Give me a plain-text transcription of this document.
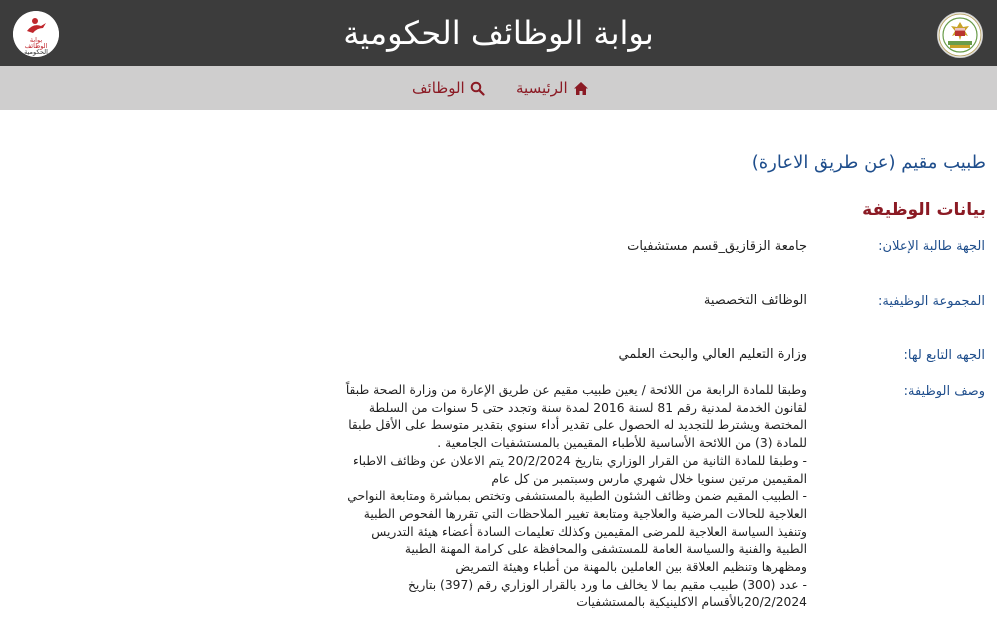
بوابة الوظائف الحكومية
بوابة
الوظائف
الحكومية
الرئيسية
الوظائف
طبيب مقيم (عن طريق الاعارة)
بيانات الوظيفة
الجهة طالبة الإعلان:
جامعة الزقازيق_قسم مستشفيات
المجموعة الوظيفية:
الوظائف التخصصية
الجهه التابع لها:
وزارة التعليم العالي والبحث العلمي
وصف الوظيفة:
وطبقا للمادة الرابعة من اللائحة / يعين طبيب مقيم عن طريق الإعارة من وزارة الصحة طبقاً
لقانون الخدمة لمدنية رقم 81 لسنة 2016 لمدة سنة وتجدد حتى 5 سنوات من السلطة
المختصة ويشترط للتجديد له الحصول على تقدير أداء سنوي بتقدير متوسط على الأقل طبقا
للمادة (3) من اللائحة الأساسية للأطباء المقيمين بالمستشفيات الجامعية .
- وطبقا للمادة الثانية من القرار الوزاري بتاريخ 20/2/2024 يتم الاعلان عن وظائف الاطباء
المقيمين مرتين سنويا خلال شهري مارس وسبتمبر من كل عام
- الطبيب المقيم ضمن وظائف الشئون الطبية بالمستشفى وتختص بمباشرة ومتابعة النواحي
العلاجية للحالات المرضية والعلاجية ومتابعة تغيير الملاحظات التي تقررها الفحوص الطبية
وتنفيذ السياسة العلاجية للمرضى المقيمين وكذلك تعليمات السادة أعضاء هيئة التدريس
الطبية والفنية والسياسة العامة للمستشفى والمحافظة على كرامة المهنة الطبية
ومظهرها وتنظيم العلاقة بين العاملين بالمهنة من أطباء وهيئة التمريض
- عدد (300) طبيب مقيم بما لا يخالف ما ورد بالقرار الوزاري رقم (397) بتاريخ
20/2/2024بالأقسام الاكلينيكية بالمستشفيات
